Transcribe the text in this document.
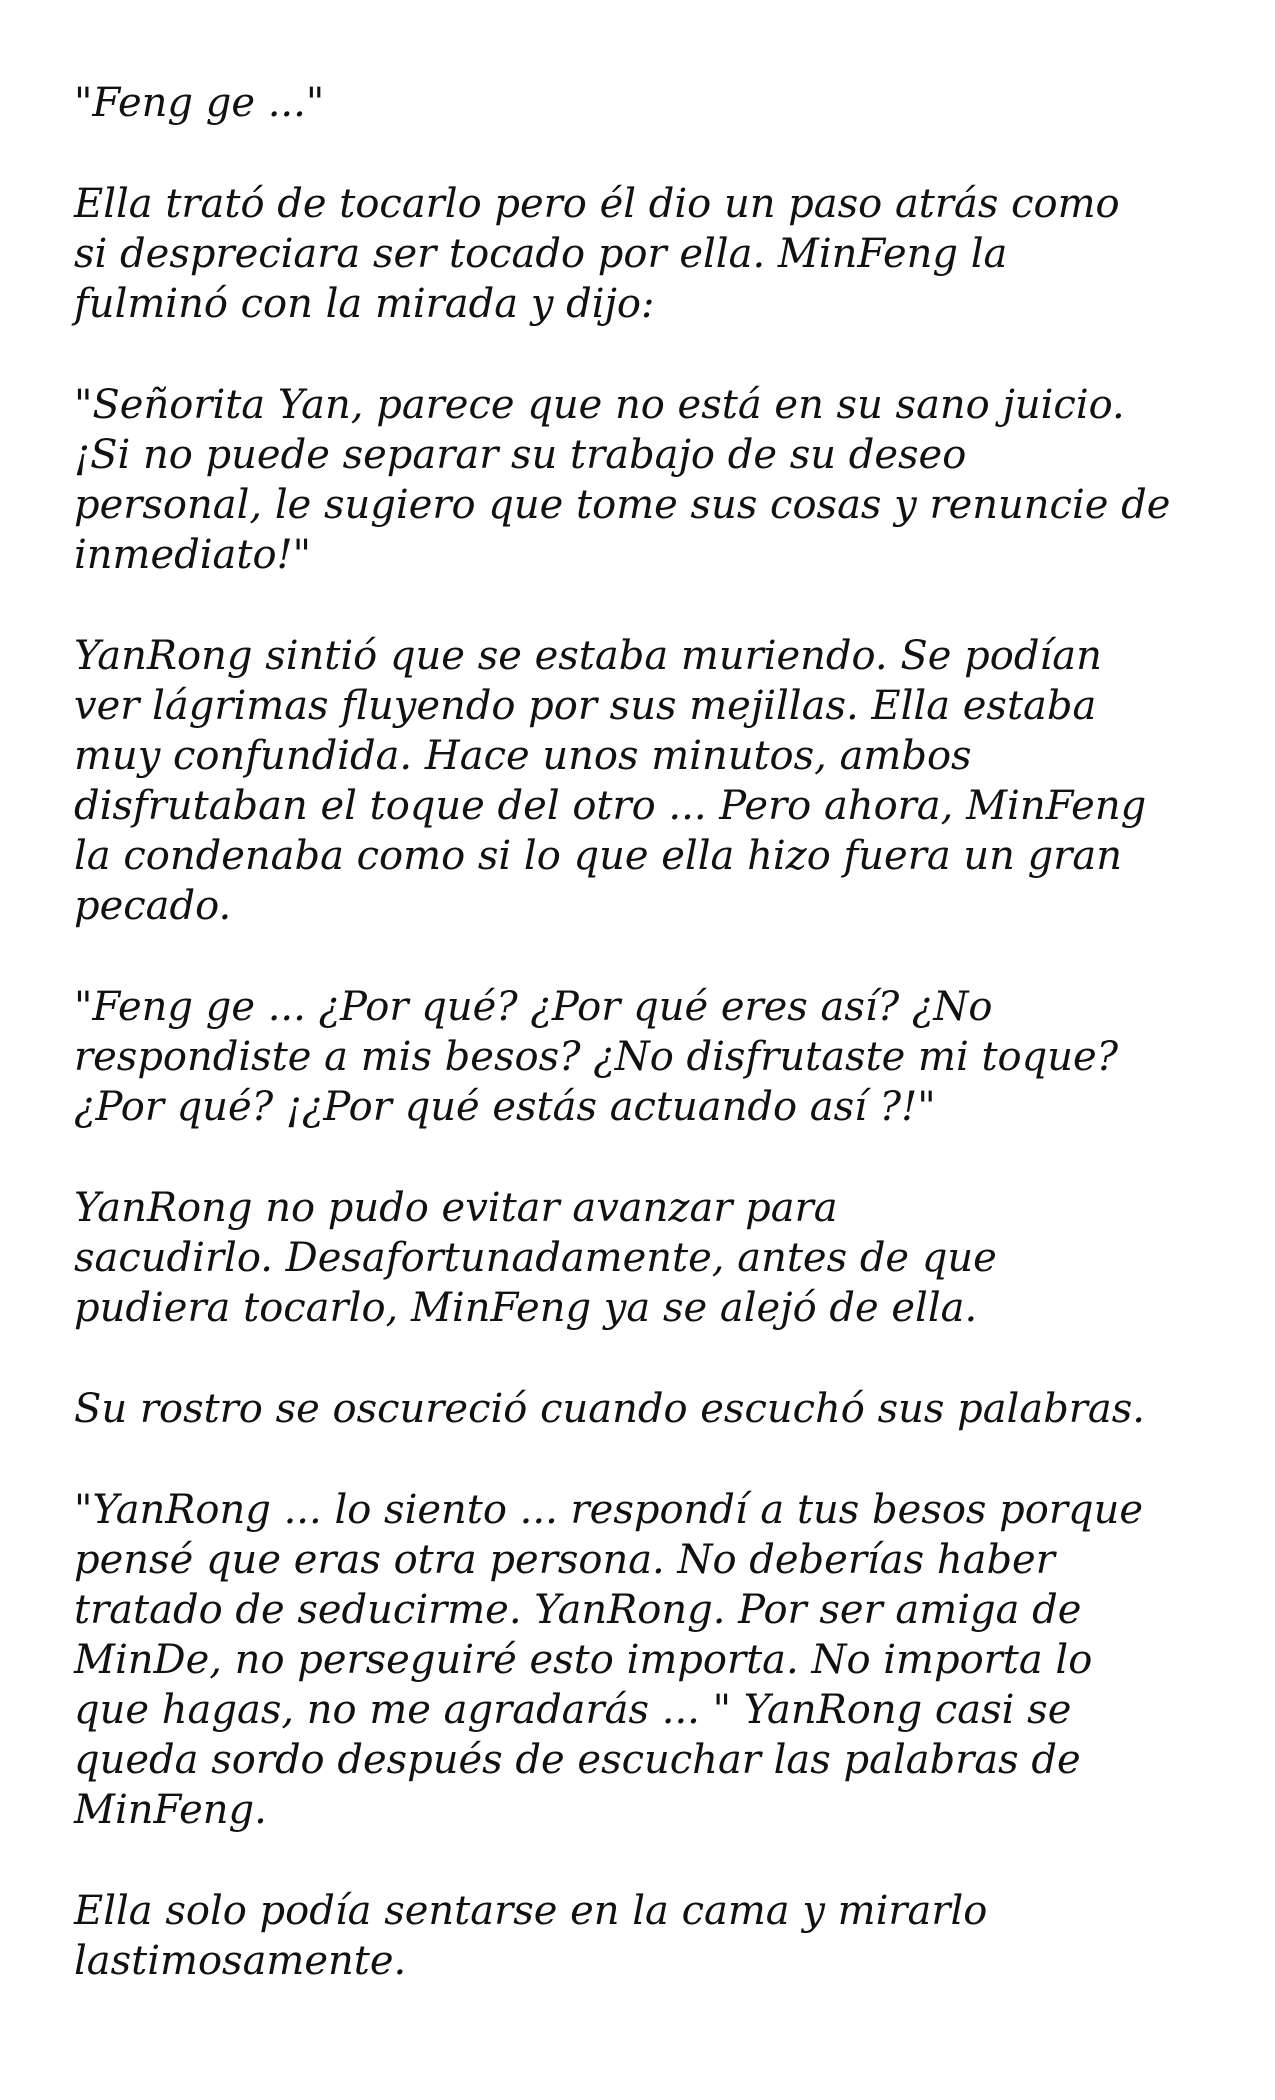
"Feng ge ..."

Ella trató de tocarlo pero él dio un paso atrás como
si despreciara ser tocado por ella. MinFeng la
fulminó con la mirada y dijo:

"Señorita Yan, parece que no está en su sano juicio.
¡Si no puede separar su trabajo de su deseo
personal, le sugiero que tome sus cosas y renuncie de
inmediato!"

YanRong sintió que se estaba muriendo. Se podían
ver lágrimas fluyendo por sus mejillas. Ella estaba
muy confundida. Hace unos minutos, ambos
disfrutaban el toque del otro ... Pero ahora, MinFeng
la condenaba como si lo que ella hizo fuera un gran
pecado.

"Feng ge ... ¿Por qué? ¿Por qué eres así? ¿No
respondiste a mis besos? ¿No disfrutaste mi toque?
¿Por qué? ¡¿Por qué estás actuando así ?!"

YanRong no pudo evitar avanzar para
sacudirlo. Desafortunadamente, antes de que
pudiera tocarlo, MinFeng ya se alejó de ella.

Su rostro se oscureció cuando escuchó sus palabras.

"YanRong ... lo siento ... respondí a tus besos porque
pensé que eras otra persona. No deberías haber
tratado de seducirme. YanRong. Por ser amiga de
MinDe, no perseguiré esto importa. No importa lo
que hagas, no me agradarás ... " YanRong casi se
queda sordo después de escuchar las palabras de
MinFeng.

Ella solo podía sentarse en la cama y mirarlo
lastimosamente.
